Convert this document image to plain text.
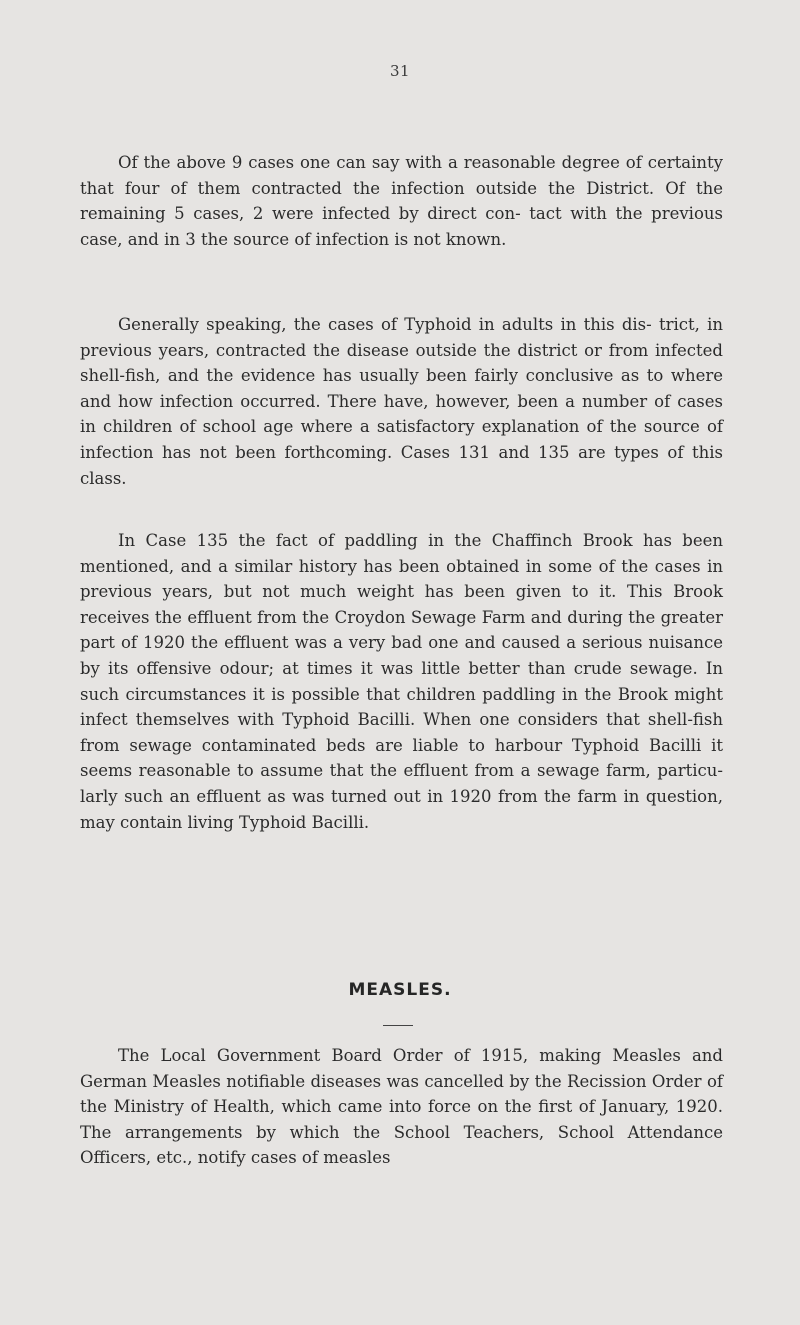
31

Of the above 9 cases one can say with a reasonable degree of certainty that four of them contracted the infection outside the District. Of the remaining 5 cases, 2 were infected by direct con- tact with the previous case, and in 3 the source of infection is not known.

Generally speaking, the cases of Typhoid in adults in this dis- trict, in previous years, contracted the disease outside the district or from infected shell-fish, and the evidence has usually been fairly conclusive as to where and how infection occurred. There have, however, been a number of cases in children of school age where a satisfactory explanation of the source of infection has not been forthcoming. Cases 131 and 135 are types of this class.

In Case 135 the fact of paddling in the Chaffinch Brook has been mentioned, and a similar history has been obtained in some of the cases in previous years, but not much weight has been given to it. This Brook receives the effluent from the Croydon Sewage Farm and during the greater part of 1920 the effluent was a very bad one and caused a serious nuisance by its offensive odour; at times it was little better than crude sewage. In such circumstances it is possible that children paddling in the Brook might infect themselves with Typhoid Bacilli. When one considers that shell-fish from sewage contaminated beds are liable to harbour Typhoid Bacilli it seems reasonable to assume that the effluent from a sewage farm, particu- larly such an effluent as was turned out in 1920 from the farm in question, may contain living Typhoid Bacilli.

MEASLES.

The Local Government Board Order of 1915, making Measles and German Measles notifiable diseases was cancelled by the Recission Order of the Ministry of Health, which came into force on the first of January, 1920. The arrangements by which the School Teachers, School Attendance Officers, etc., notify cases of measles
